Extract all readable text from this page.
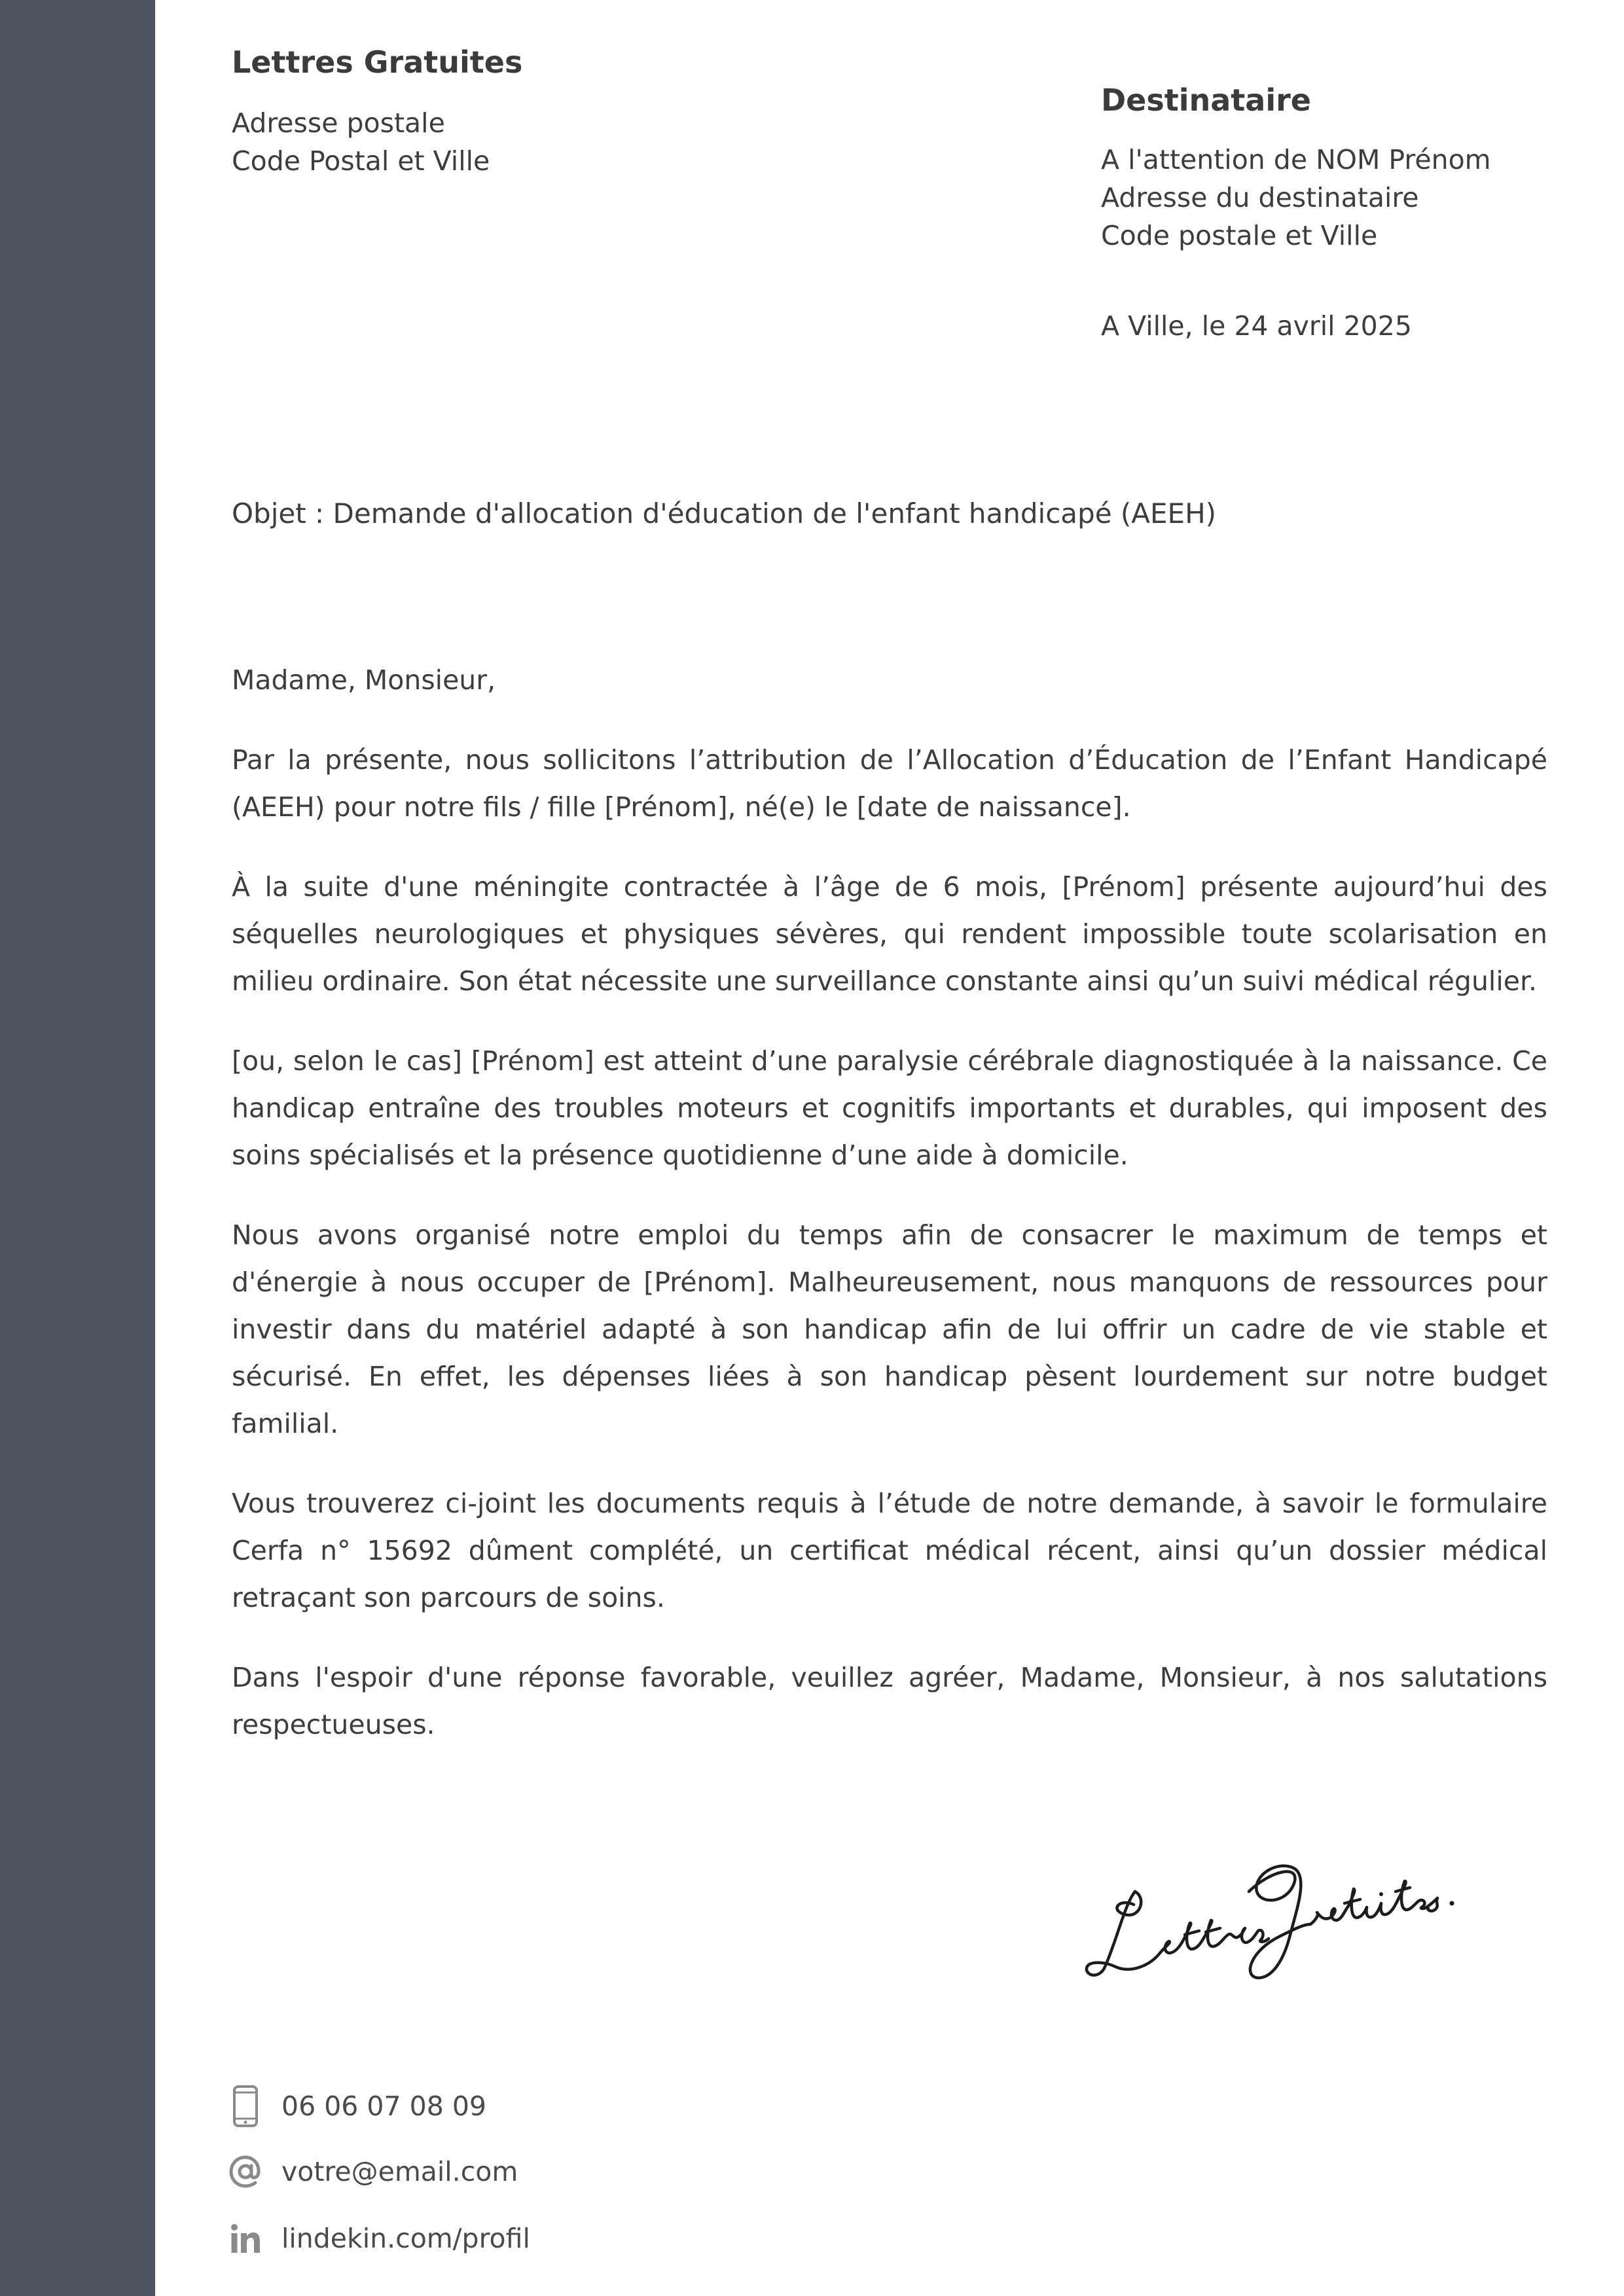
Lettres Gratuites
Adresse postale
Code Postal et Ville
Destinataire
A l'attention de NOM Prénom
Adresse du destinataire
Code postale et Ville
A Ville, le 24 avril 2025
Objet : Demande d'allocation d'éducation de l'enfant handicapé (AEEH)

Madame, Monsieur,

Par la présente, nous sollicitons l’attribution de l’Allocation d’Éducation de l’Enfant Handicapé (AEEH) pour notre fils / fille [Prénom], né(e) le [date de naissance].

À la suite d'une méningite contractée à l’âge de 6 mois, [Prénom] présente aujourd’hui des séquelles neurologiques et physiques sévères, qui rendent impossible toute scolarisation en milieu ordinaire. Son état nécessite une surveillance constante ainsi qu’un suivi médical régulier.

[ou, selon le cas] [Prénom] est atteint d’une paralysie cérébrale diagnostiquée à la naissance. Ce handicap entraîne des troubles moteurs et cognitifs importants et durables, qui imposent des soins spécialisés et la présence quotidienne d’une aide à domicile.

Nous avons organisé notre emploi du temps afin de consacrer le maximum de temps et d'énergie à nous occuper de [Prénom]. Malheureusement, nous manquons de ressources pour investir dans du matériel adapté à son handicap afin de lui offrir un cadre de vie stable et sécurisé. En effet, les dépenses liées à son handicap pèsent lourdement sur notre budget familial.

Vous trouverez ci-joint les documents requis à l’étude de notre demande, à savoir le formulaire Cerfa n° 15692 dûment complété, un certificat médical récent, ainsi qu’un dossier médical retraçant son parcours de soins.

Dans l'espoir d'une réponse favorable, veuillez agréer, Madame, Monsieur, à nos salutations respectueuses.

06 06 07 08 09
votre@email.com
lindekin.com/profil
